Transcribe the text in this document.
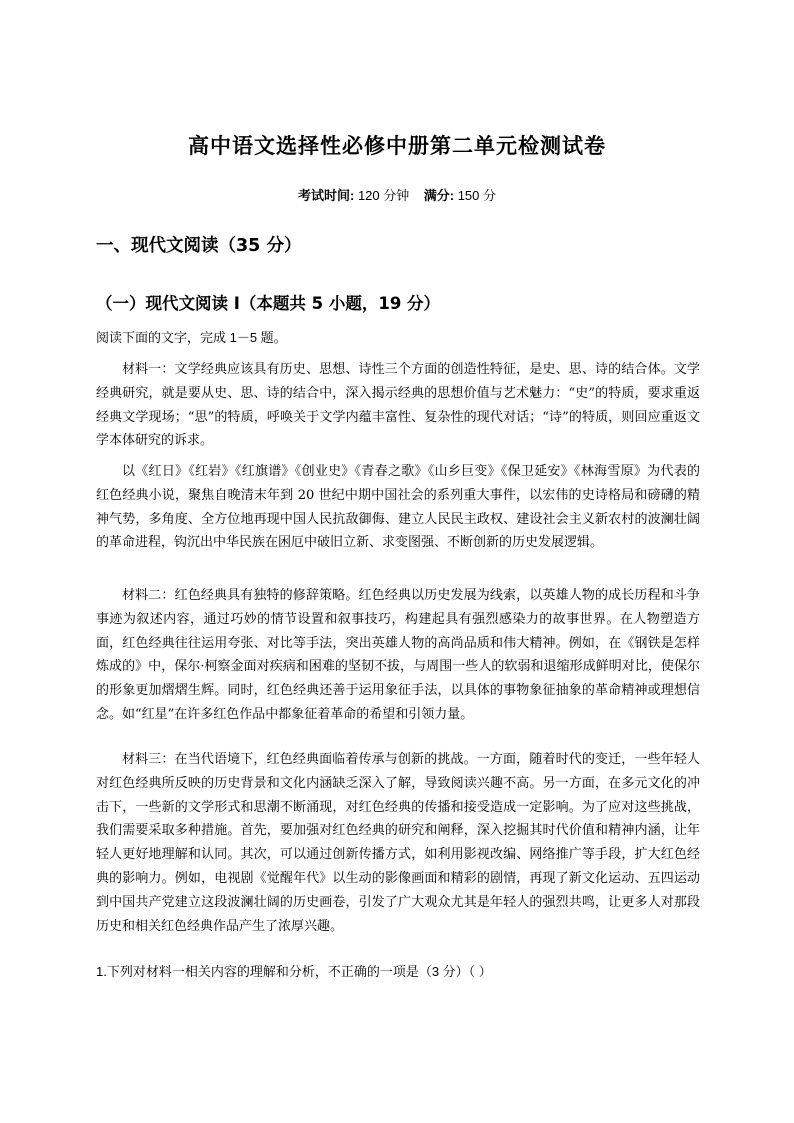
高中语文选择性必修中册第二单元检测试卷
考试时间: 120 分钟 满分: 150 分
一、现代文阅读（35 分）
（一）现代文阅读 Ⅰ（本题共 5 小题，19 分）
阅读下面的文字，完成 1－5 题。

材料一：文学经典应该具有历史、思想、诗性三个方面的创造性特征，是史、思、诗的结合体。文学经典研究，就是要从史、思、诗的结合中，深入揭示经典的思想价值与艺术魅力：“史”的特质，要求重返经典文学现场；“思”的特质，呼唤关于文学内蕴丰富性、复杂性的现代对话；“诗”的特质，则回应重返文学本体研究的诉求。

以《红日》《红岩》《红旗谱》《创业史》《青春之歌》《山乡巨变》《保卫延安》《林海雪原》为代表的红色经典小说，聚焦自晚清末年到 20 世纪中期中国社会的系列重大事件，以宏伟的史诗格局和磅礴的精神气势，多角度、全方位地再现中国人民抗敌御侮、建立人民民主政权、建设社会主义新农村的波澜壮阔的革命进程，钩沉出中华民族在困厄中破旧立新、求变图强、不断创新的历史发展逻辑。

材料二：红色经典具有独特的修辞策略。红色经典以历史发展为线索，以英雄人物的成长历程和斗争事迹为叙述内容，通过巧妙的情节设置和叙事技巧，构建起具有强烈感染力的故事世界。在人物塑造方面，红色经典往往运用夸张、对比等手法，突出英雄人物的高尚品质和伟大精神。例如，在《钢铁是怎样炼成的》中，保尔·柯察金面对疾病和困难的坚韧不拔，与周围一些人的软弱和退缩形成鲜明对比，使保尔的形象更加熠熠生辉。同时，红色经典还善于运用象征手法，以具体的事物象征抽象的革命精神或理想信念。如“红星”在许多红色作品中都象征着革命的希望和引领力量。

材料三：在当代语境下，红色经典面临着传承与创新的挑战。一方面，随着时代的变迁，一些年轻人对红色经典所反映的历史背景和文化内涵缺乏深入了解，导致阅读兴趣不高。另一方面，在多元文化的冲击下，一些新的文学形式和思潮不断涌现，对红色经典的传播和接受造成一定影响。为了应对这些挑战，我们需要采取多种措施。首先，要加强对红色经典的研究和阐释，深入挖掘其时代价值和精神内涵，让年轻人更好地理解和认同。其次，可以通过创新传播方式，如利用影视改编、网络推广等手段，扩大红色经典的影响力。例如，电视剧《觉醒年代》以生动的影像画面和精彩的剧情，再现了新文化运动、五四运动到中国共产党建立这段波澜壮阔的历史画卷，引发了广大观众尤其是年轻人的强烈共鸣，让更多人对那段历史和相关红色经典作品产生了浓厚兴趣。

1.下列对材料一相关内容的理解和分析，不正确的一项是（3 分）（ ）
